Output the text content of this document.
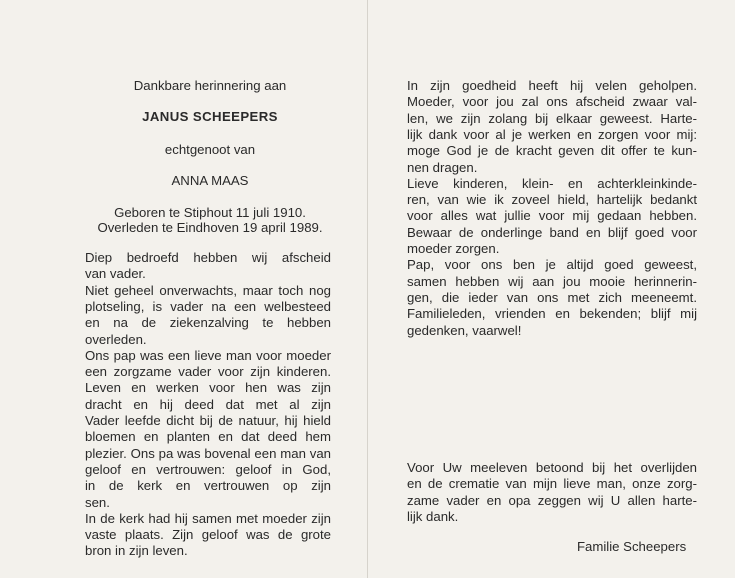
Dankbare herinnering aan
JANUS SCHEEPERS
echtgenoot van
ANNA MAAS
Geboren te Stiphout 11 juli 1910.
Overleden te Eindhoven 19 april 1989.
Diep bedroefd hebben wij afscheid
van vader.
Niet geheel onverwachts, maar toch nog
plotseling, is vader na een welbesteed
en na de ziekenzalving te hebben
overleden.
Ons pap was een lieve man voor moeder
een zorgzame vader voor zijn kinderen.
Leven en werken voor hen was zijn
dracht en hij deed dat met al zijn
Vader leefde dicht bij de natuur, hij hield
bloemen en planten en dat deed hem
plezier. Ons pa was bovenal een man van
geloof en vertrouwen: geloof in God,
in de kerk en vertrouwen op zijn
sen.
In de kerk had hij samen met moeder zijn
vaste plaats. Zijn geloof was de grote
bron in zijn leven.
In zijn goedheid heeft hij velen geholpen.
Moeder, voor jou zal ons afscheid zwaar val-
len, we zijn zolang bij elkaar geweest. Harte-
lijk dank voor al je werken en zorgen voor mij:
moge God je de kracht geven dit offer te kun-
nen dragen.
Lieve kinderen, klein- en achterkleinkinde-
ren, van wie ik zoveel hield, hartelijk bedankt
voor alles wat jullie voor mij gedaan hebben.
Bewaar de onderlinge band en blijf goed voor
moeder zorgen.
Pap, voor ons ben je altijd goed geweest,
samen hebben wij aan jou mooie herinnerin-
gen, die ieder van ons met zich meeneemt.
Familieleden, vrienden en bekenden; blijf mij
gedenken, vaarwel!
Voor Uw meeleven betoond bij het overlijden
en de crematie van mijn lieve man, onze zorg-
zame vader en opa zeggen wij U allen harte-
lijk dank.
Familie Scheepers
